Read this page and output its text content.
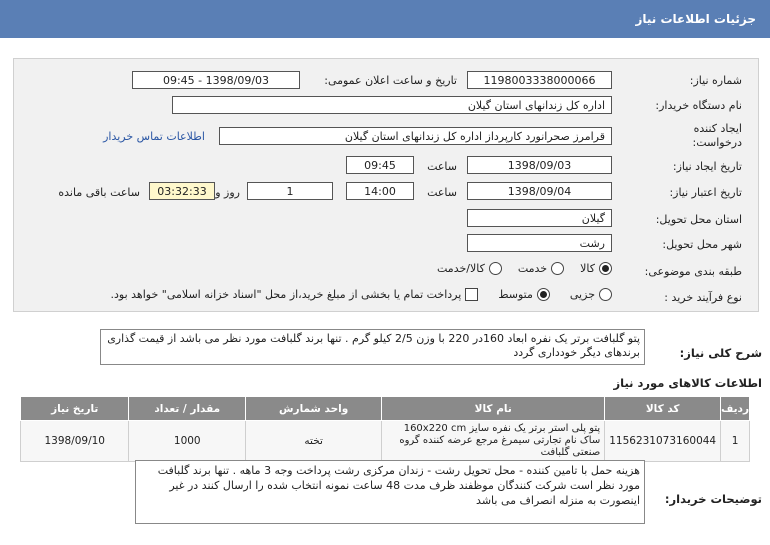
جزئیات اطلاعات نیاز
شماره نیاز:
1198003338000066
تاریخ و ساعت اعلان عمومی:
1398/09/03 - 09:45
نام دستگاه خریدار:
اداره کل زندانهای استان گیلان
ایجاد کننده
درخواست:
قرامرز صحرانورد کارپرداز اداره کل زندانهای استان گیلان
اطلاعات تماس خریدار
تاریخ ایجاد نیاز:
1398/09/03
ساعت
09:45
تاریخ اعتبار نیاز:
1398/09/04
ساعت
14:00
1
روز و
03:32:33
ساعت باقی مانده
استان محل تحویل:
گیلان
شهر محل تحویل:
رشت
طبقه بندی موضوعی:
کالا
خدمت
کالا/خدمت
نوع فرآیند خرید :
جزیی
متوسط
پرداخت تمام یا بخشی از مبلغ خرید،از محل "اسناد خزانه اسلامی" خواهد بود.
شرح کلی نیاز:
پتو گلبافت برتر یک نفره ابعاد 160در 220 با وزن 2/5 کیلو گرم . تنها برند گلبافت مورد نظر می باشد از قیمت گذاری برندهای دیگر خودداری گردد
اطلاعات کالاهای مورد نیاز
ردیف	کد کالا	نام کالا	واحد شمارش	مقدار / تعداد	تاریخ نیاز
1	1156231073160044	پتو پلی استر برتر یک نفره سایز 160x220 cm ساک نام تجارتی سیمرغ مرجع عرضه کننده گروه صنعتی گلبافت	تخته	1000	1398/09/10
توضیحات خریدار:
هزینه حمل با تامین کننده - محل تحویل رشت - زندان مرکزی رشت پرداخت وجه 3 ماهه . تنها برند گلبافت مورد نظر است شرکت کنندگان موظفند ظرف مدت 48 ساعت نمونه انتخاب شده را ارسال کنند در غیر اینصورت به منزله انصراف می باشد
